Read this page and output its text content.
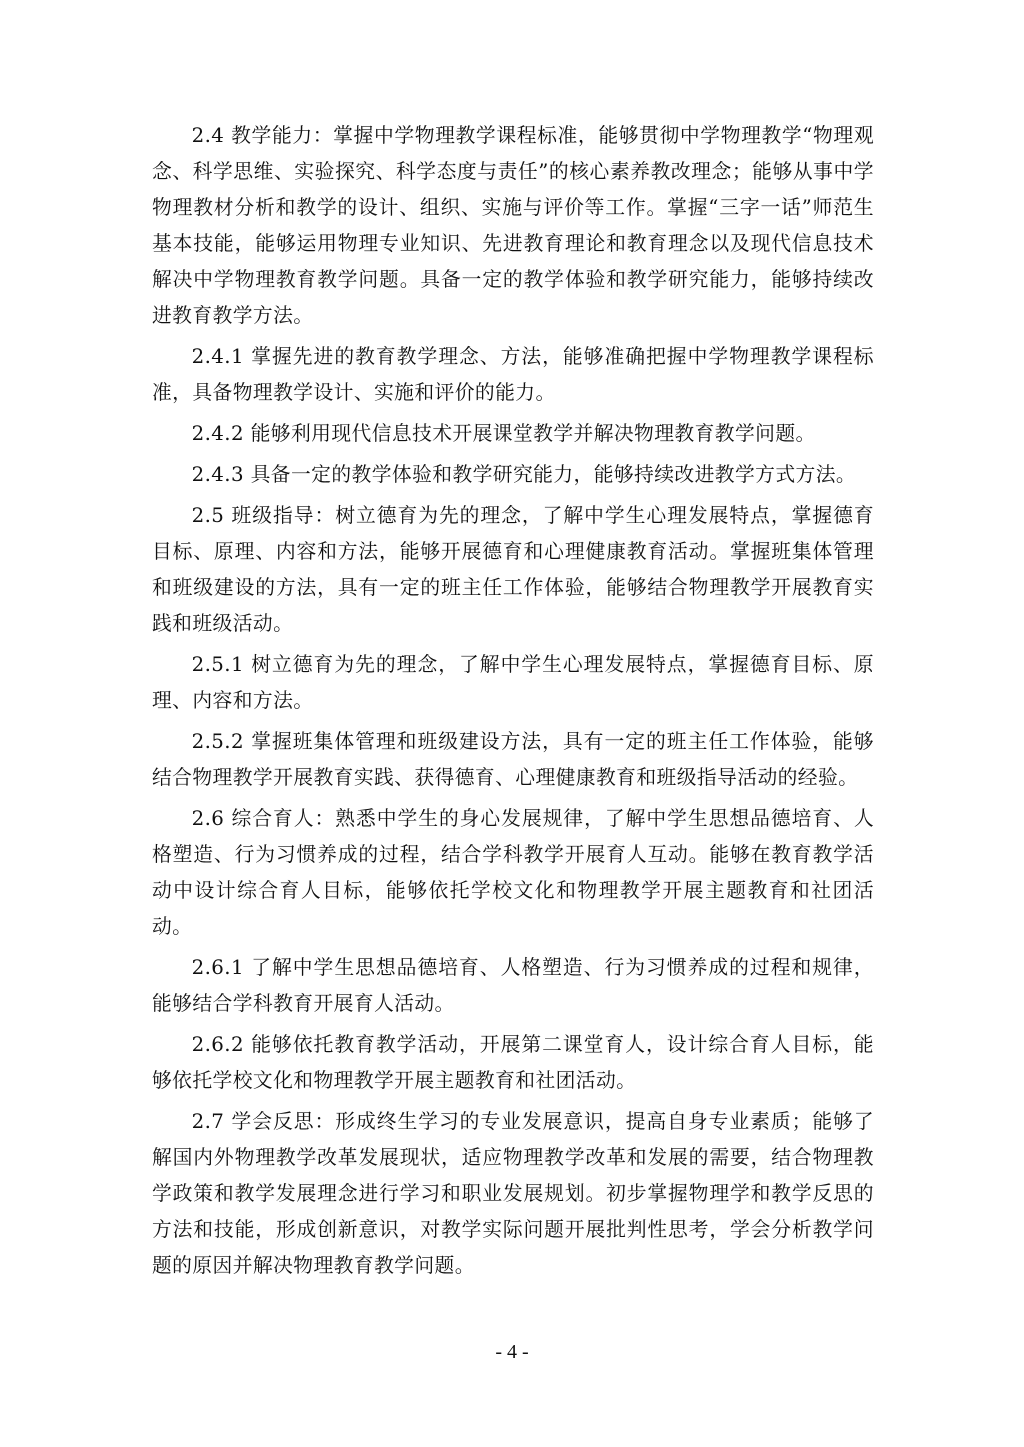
2.4 教学能力：掌握中学物理教学课程标准，能够贯彻中学物理教学“物理观念、科学思维、实验探究、科学态度与责任”的核心素养教改理念；能够从事中学物理教材分析和教学的设计、组织、实施与评价等工作。掌握“三字一话”师范生基本技能，能够运用物理专业知识、先进教育理论和教育理念以及现代信息技术解决中学物理教育教学问题。具备一定的教学体验和教学研究能力，能够持续改进教育教学方法。

2.4.1 掌握先进的教育教学理念、方法，能够准确把握中学物理教学课程标准，具备物理教学设计、实施和评价的能力。

2.4.2 能够利用现代信息技术开展课堂教学并解决物理教育教学问题。

2.4.3 具备一定的教学体验和教学研究能力，能够持续改进教学方式方法。

2.5 班级指导：树立德育为先的理念，了解中学生心理发展特点，掌握德育目标、原理、内容和方法，能够开展德育和心理健康教育活动。掌握班集体管理和班级建设的方法，具有一定的班主任工作体验，能够结合物理教学开展教育实践和班级活动。

2.5.1 树立德育为先的理念，了解中学生心理发展特点，掌握德育目标、原理、内容和方法。

2.5.2 掌握班集体管理和班级建设方法，具有一定的班主任工作体验，能够结合物理教学开展教育实践、获得德育、心理健康教育和班级指导活动的经验。

2.6 综合育人：熟悉中学生的身心发展规律，了解中学生思想品德培育、人格塑造、行为习惯养成的过程，结合学科教学开展育人互动。能够在教育教学活动中设计综合育人目标，能够依托学校文化和物理教学开展主题教育和社团活动。

2.6.1 了解中学生思想品德培育、人格塑造、行为习惯养成的过程和规律，能够结合学科教育开展育人活动。

2.6.2 能够依托教育教学活动，开展第二课堂育人，设计综合育人目标，能够依托学校文化和物理教学开展主题教育和社团活动。

2.7 学会反思：形成终生学习的专业发展意识，提高自身专业素质；能够了解国内外物理教学改革发展现状，适应物理教学改革和发展的需要，结合物理教学政策和教学发展理念进行学习和职业发展规划。初步掌握物理学和教学反思的方法和技能，形成创新意识，对教学实际问题开展批判性思考，学会分析教学问题的原因并解决物理教育教学问题。

- 4 -
